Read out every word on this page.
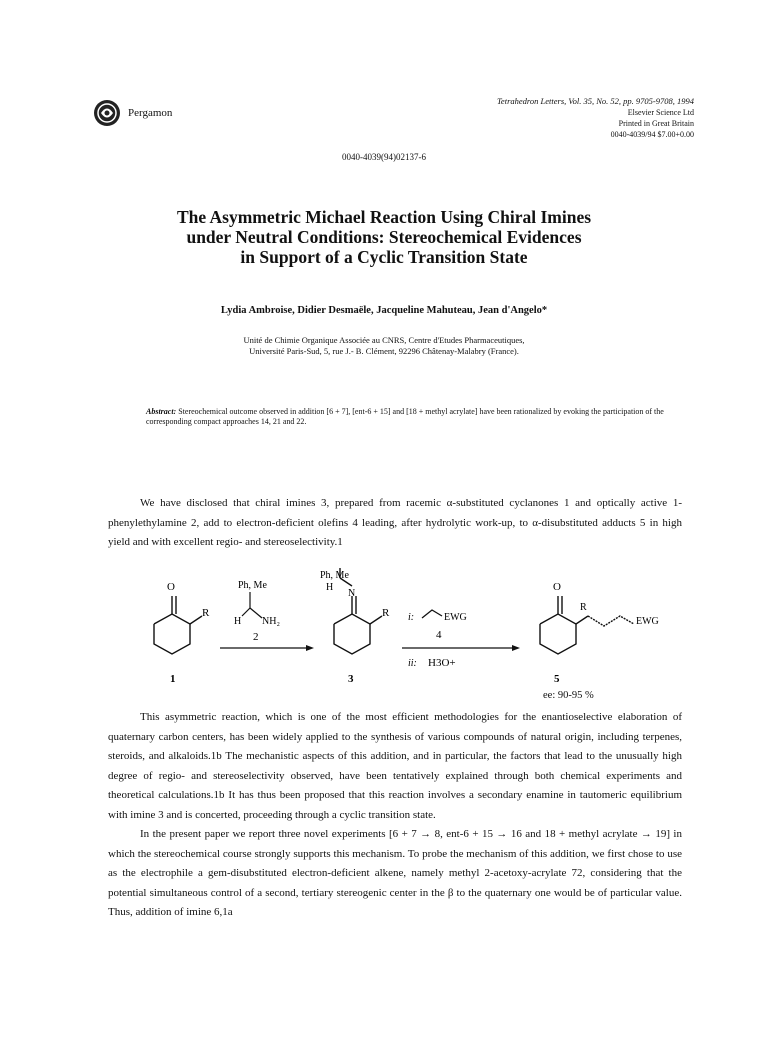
Pergamon
Tetrahedron Letters, Vol. 35, No. 52, pp. 9705-9708, 1994
Elsevier Science Ltd
Printed in Great Britain
0040-4039/94 $7.00+0.00
0040-4039(94)02137-6
The Asymmetric Michael Reaction Using Chiral Imines
under Neutral Conditions: Stereochemical Evidences
in Support of a Cyclic Transition State
Lydia Ambroise, Didier Desmaële, Jacqueline Mahuteau, Jean d'Angelo*
Unité de Chimie Organique Associée au CNRS, Centre d'Etudes Pharmaceutiques,
Université Paris-Sud, 5, rue J.- B. Clément, 92296 Châtenay-Malabry (France).
Abstract: Stereochemical outcome observed in addition [6 + 7], [ent-6 + 15] and [18 + methyl acrylate] have been rationalized by evoking the participation of the corresponding compact approaches 14, 21 and 22.

We have disclosed that chiral imines 3, prepared from racemic α-substituted cyclanones 1 and optically active 1-phenylethylamine 2, add to electron-deficient olefins 4 leading, after hydrolytic work-up, to α-disubstituted adducts 5 in high yield and with excellent regio- and stereoselectivity.1

O
R
Ph, Me
H NH₂
2
Ph, Me
H
N
R i:	EWG
4
ii: H3O+
O
R
EWG
1	3	5
ee: 90-95 %

This asymmetric reaction, which is one of the most efficient methodologies for the enantioselective elaboration of quaternary carbon centers, has been widely applied to the synthesis of various compounds of natural origin, including terpenes, steroids, and alkaloids.1b The mechanistic aspects of this addition, and in particular, the factors that lead to the unusually high degree of regio- and stereoselectivity observed, have been tentatively explained through both chemical experiments and theoretical calculations.1b It has thus been proposed that this reaction involves a secondary enamine in tautomeric equilibrium with imine 3 and is concerted, proceeding through a cyclic transition state.

In the present paper we report three novel experiments [6 + 7 → 8, ent-6 + 15 → 16 and 18 + methyl acrylate → 19] in which the stereochemical course strongly supports this mechanism. To probe the mechanism of this addition, we first chose to use as the electrophile a gem-disubstituted electron-deficient alkene, namely methyl 2-acetoxy-acrylate 72, considering that the potential simultaneous control of a second, tertiary stereogenic center in the β to the quaternary one would be of particular value. Thus, addition of imine 6,1a
